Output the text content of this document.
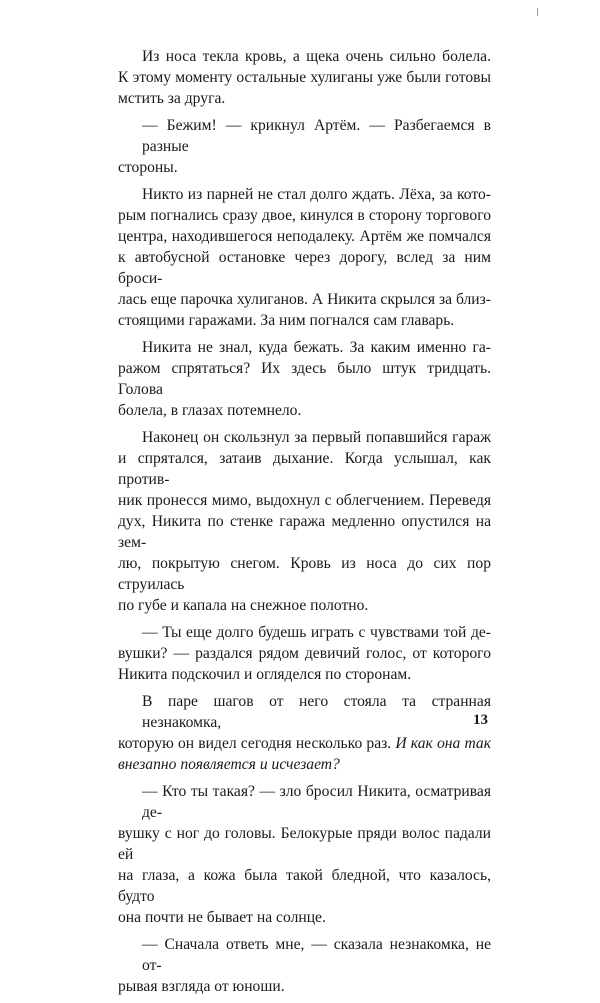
Из носа текла кровь, а щека очень сильно болела.
К этому моменту остальные хулиганы уже были готовы
мстить за друга.

— Бежим! — крикнул Артём. — Разбегаемся в разные
стороны.

Никто из парней не стал долго ждать. Лёха, за кото-
рым погнались сразу двое, кинулся в сторону торгового
центра, находившегося неподалеку. Артём же помчался
к автобусной остановке через дорогу, вслед за ним броси-
лась еще парочка хулиганов. А Никита скрылся за близ-
стоящими гаражами. За ним погнался сам главарь.

Никита не знал, куда бежать. За каким именно га-
ражом спрятаться? Их здесь было штук тридцать. Голова
болела, в глазах потемнело.

Наконец он скользнул за первый попавшийся гараж
и спрятался, затаив дыхание. Когда услышал, как против-
ник пронесся мимо, выдохнул с облегчением. Переведя
дух, Никита по стенке гаража медленно опустился на зем-
лю, покрытую снегом. Кровь из носа до сих пор струилась
по губе и капала на снежное полотно.

— Ты еще долго будешь играть с чувствами той де-
вушки? — раздался рядом девичий голос, от которого
Никита подскочил и огляделся по сторонам.

В паре шагов от него стояла та странная незнакомка,
которую он видел сегодня несколько раз. И как она так
внезапно появляется и исчезает?

— Кто ты такая? — зло бросил Никита, осматривая де-
вушку с ног до головы. Белокурые пряди волос падали ей
на глаза, а кожа была такой бледной, что казалось, будто
она почти не бывает на солнце.

— Сначала ответь мне, — сказала незнакомка, не от-
рывая взгляда от юноши.

13
